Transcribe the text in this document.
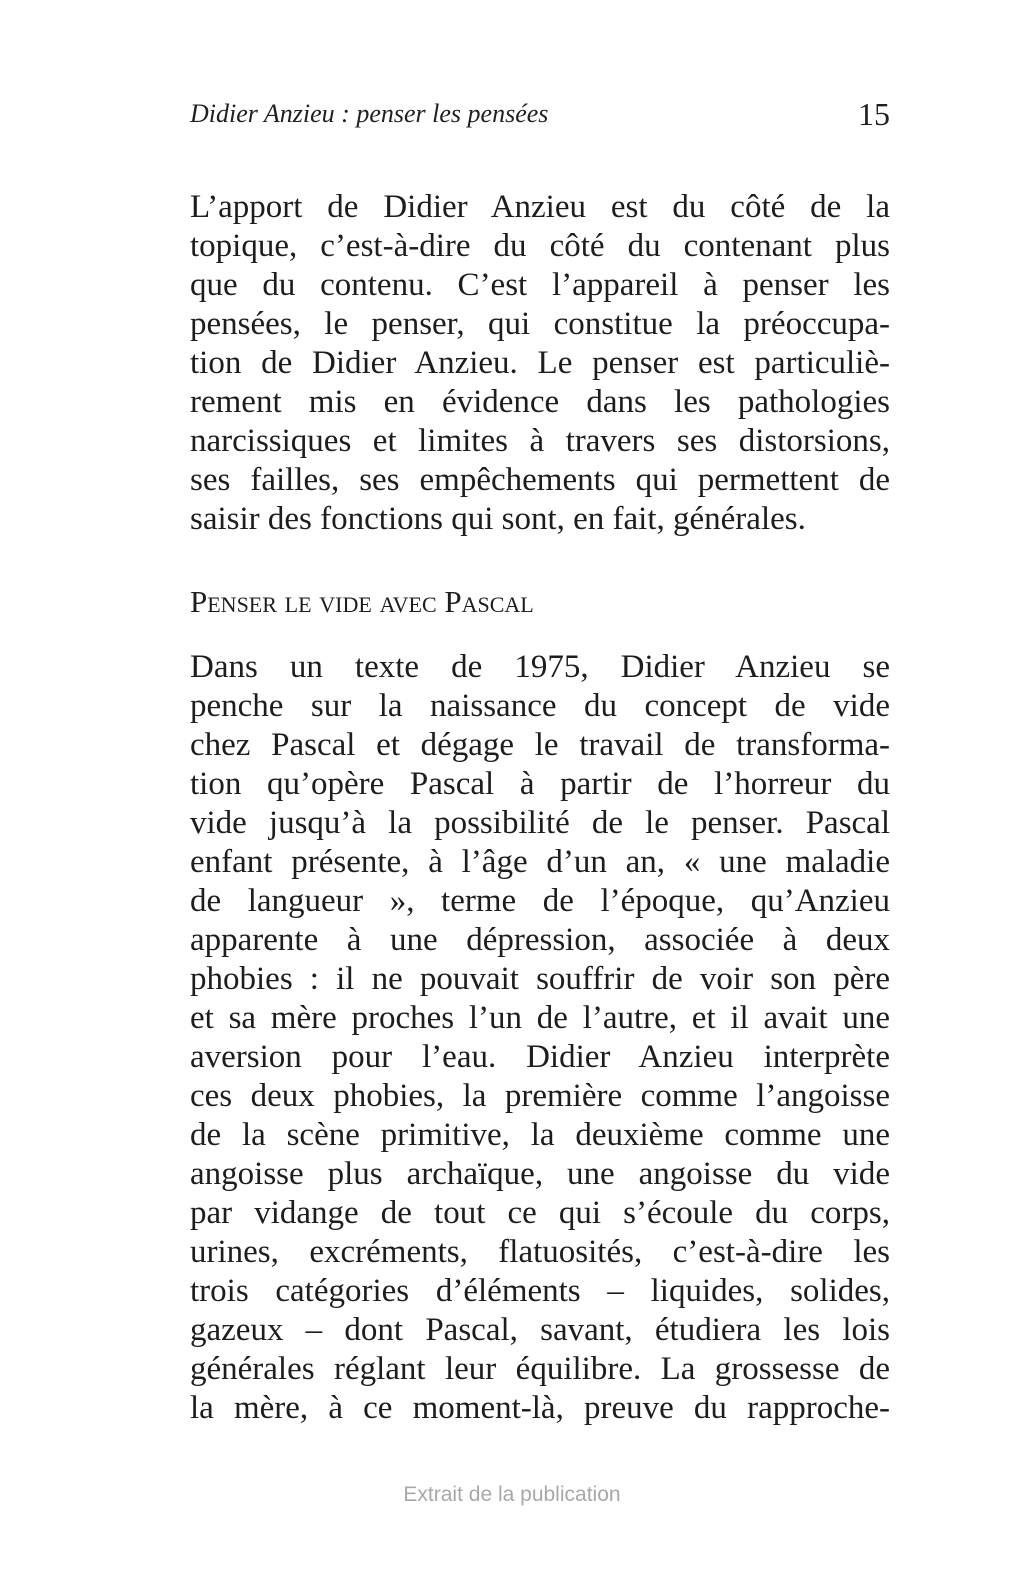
Didier Anzieu : penser les pensées	15
L’apport de Didier Anzieu est du côté de la
topique, c’est-à-dire du côté du contenant plus
que du contenu. C’est l’appareil à penser les
pensées, le penser, qui constitue la préoccupa-
tion de Didier Anzieu. Le penser est particuliè-
rement mis en évidence dans les pathologies
narcissiques et limites à travers ses distorsions,
ses failles, ses empêchements qui permettent de
saisir des fonctions qui sont, en fait, générales.
Penser le vide avec Pascal
Dans un texte de 1975, Didier Anzieu se
penche sur la naissance du concept de vide
chez Pascal et dégage le travail de transforma-
tion qu’opère Pascal à partir de l’horreur du
vide jusqu’à la possibilité de le penser. Pascal
enfant présente, à l’âge d’un an, « une maladie
de langueur », terme de l’époque, qu’Anzieu
apparente à une dépression, associée à deux
phobies : il ne pouvait souffrir de voir son père
et sa mère proches l’un de l’autre, et il avait une
aversion pour l’eau. Didier Anzieu interprète
ces deux phobies, la première comme l’angoisse
de la scène primitive, la deuxième comme une
angoisse plus archaïque, une angoisse du vide
par vidange de tout ce qui s’écoule du corps,
urines, excréments, flatuosités, c’est-à-dire les
trois catégories d’éléments – liquides, solides,
gazeux – dont Pascal, savant, étudiera les lois
générales réglant leur équilibre. La grossesse de
la mère, à ce moment-là, preuve du rapproche-
Extrait de la publication
